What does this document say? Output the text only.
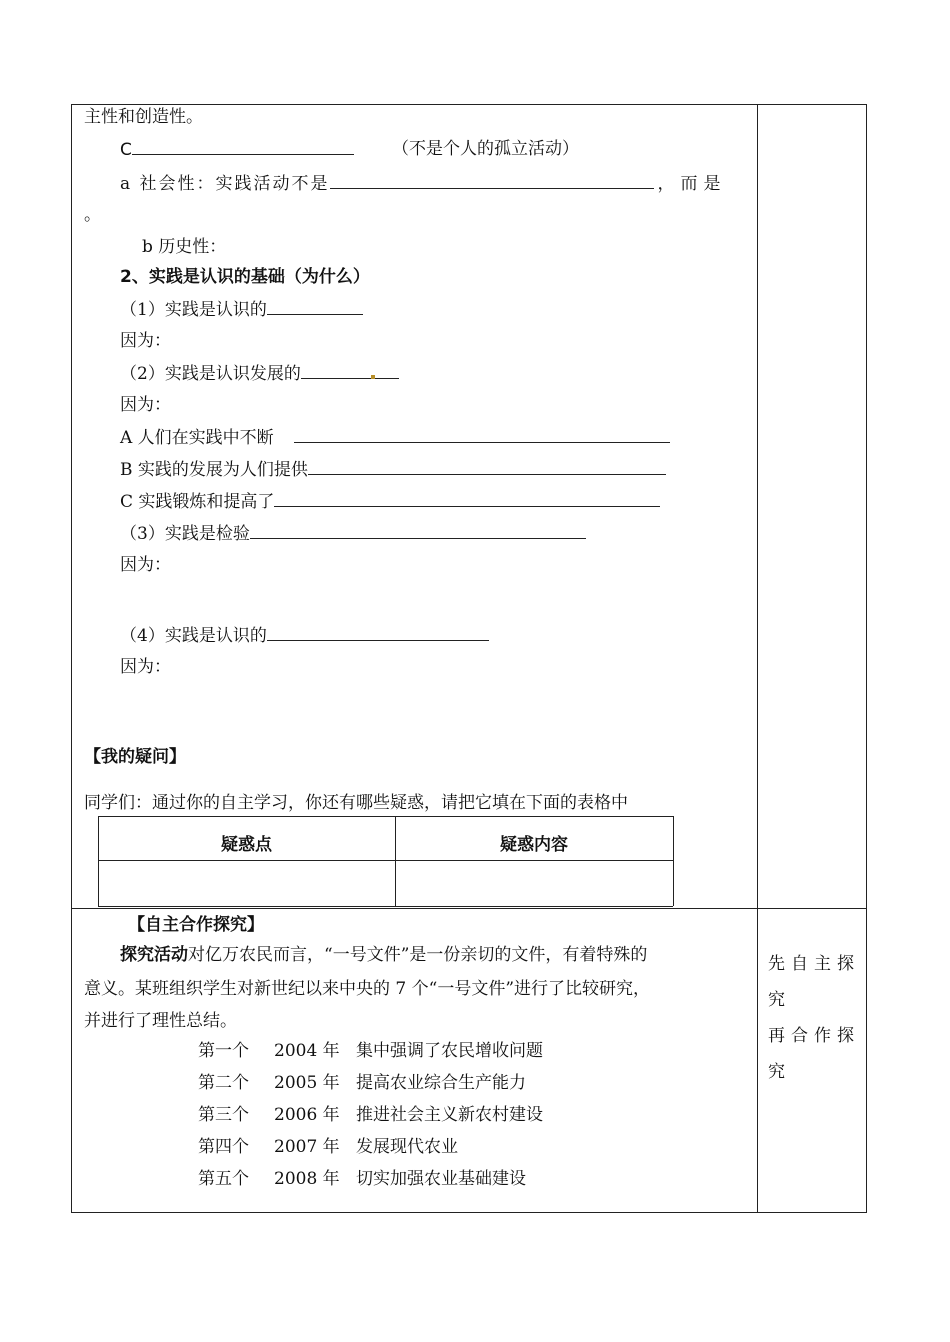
主性和创造性。
C	（不是个人的孤立活动）
a 社会性：实践活动不是	，而是
。
b 历史性：
2、实践是认识的基础（为什么）
（1）实践是认识的
因为：
（2）实践是认识发展的
因为：
A 人们在实践中不断
B 实践的发展为人们提供
C 实践锻炼和提高了
（3）实践是检验
因为：
（4）实践是认识的
因为：
【我的疑问】
同学们：通过你的自主学习，你还有哪些疑惑，请把它填在下面的表格中
疑惑点	疑惑内容
【自主合作探究】
探究活动对亿万农民而言，“一号文件”是一份亲切的文件，有着特殊的
意义。某班组织学生对新世纪以来中央的 7 个“一号文件”进行了比较研究，
并进行了理性总结。
第一个 2004 年 集中强调了农民增收问题
第二个 2005 年 提高农业综合生产能力
第三个 2006 年 推进社会主义新农村建设
第四个 2007 年 发展现代农业
第五个 2008 年 切实加强农业基础建设
先自主探究
再合作探究
